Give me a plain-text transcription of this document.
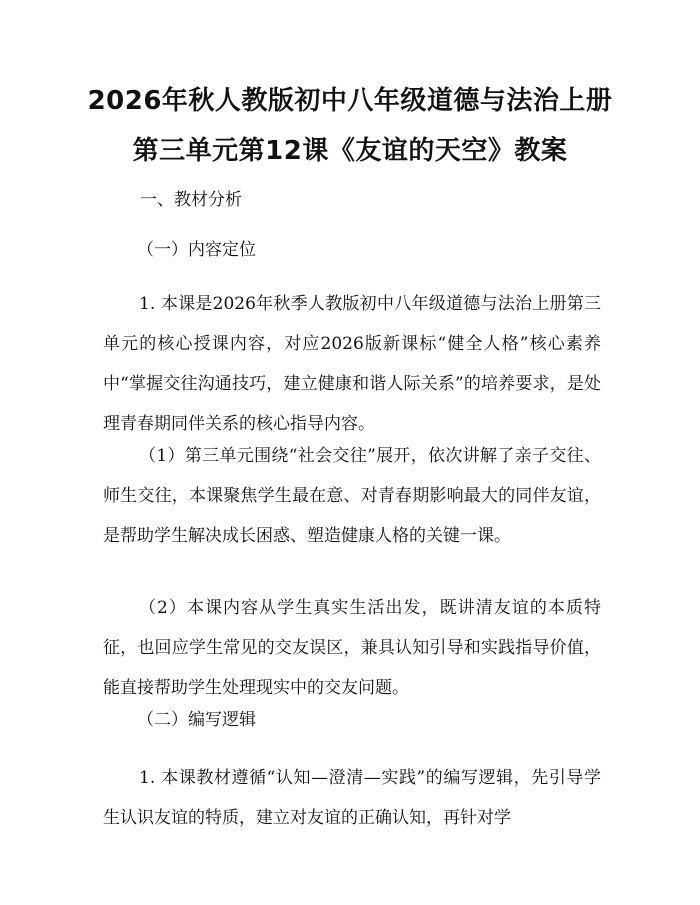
2026年秋人教版初中八年级道德与法治上册
第三单元第12课《友谊的天空》教案
一、教材分析
（一）内容定位

1. 本课是2026年秋季人教版初中八年级道德与法治上册第三单元的核心授课内容，对应2026版新课标“健全人格”核心素养中“掌握交往沟通技巧，建立健康和谐人际关系”的培养要求，是处理青春期同伴关系的核心指导内容。

（1）第三单元围绕“社会交往”展开，依次讲解了亲子交往、师生交往，本课聚焦学生最在意、对青春期影响最大的同伴友谊，是帮助学生解决成长困惑、塑造健康人格的关键一课。

（2）本课内容从学生真实生活出发，既讲清友谊的本质特征，也回应学生常见的交友误区，兼具认知引导和实践指导价值，能直接帮助学生处理现实中的交友问题。

（二）编写逻辑

1. 本课教材遵循“认知—澄清—实践”的编写逻辑，先引导学生认识友谊的特质，建立对友谊的正确认知，再针对学
